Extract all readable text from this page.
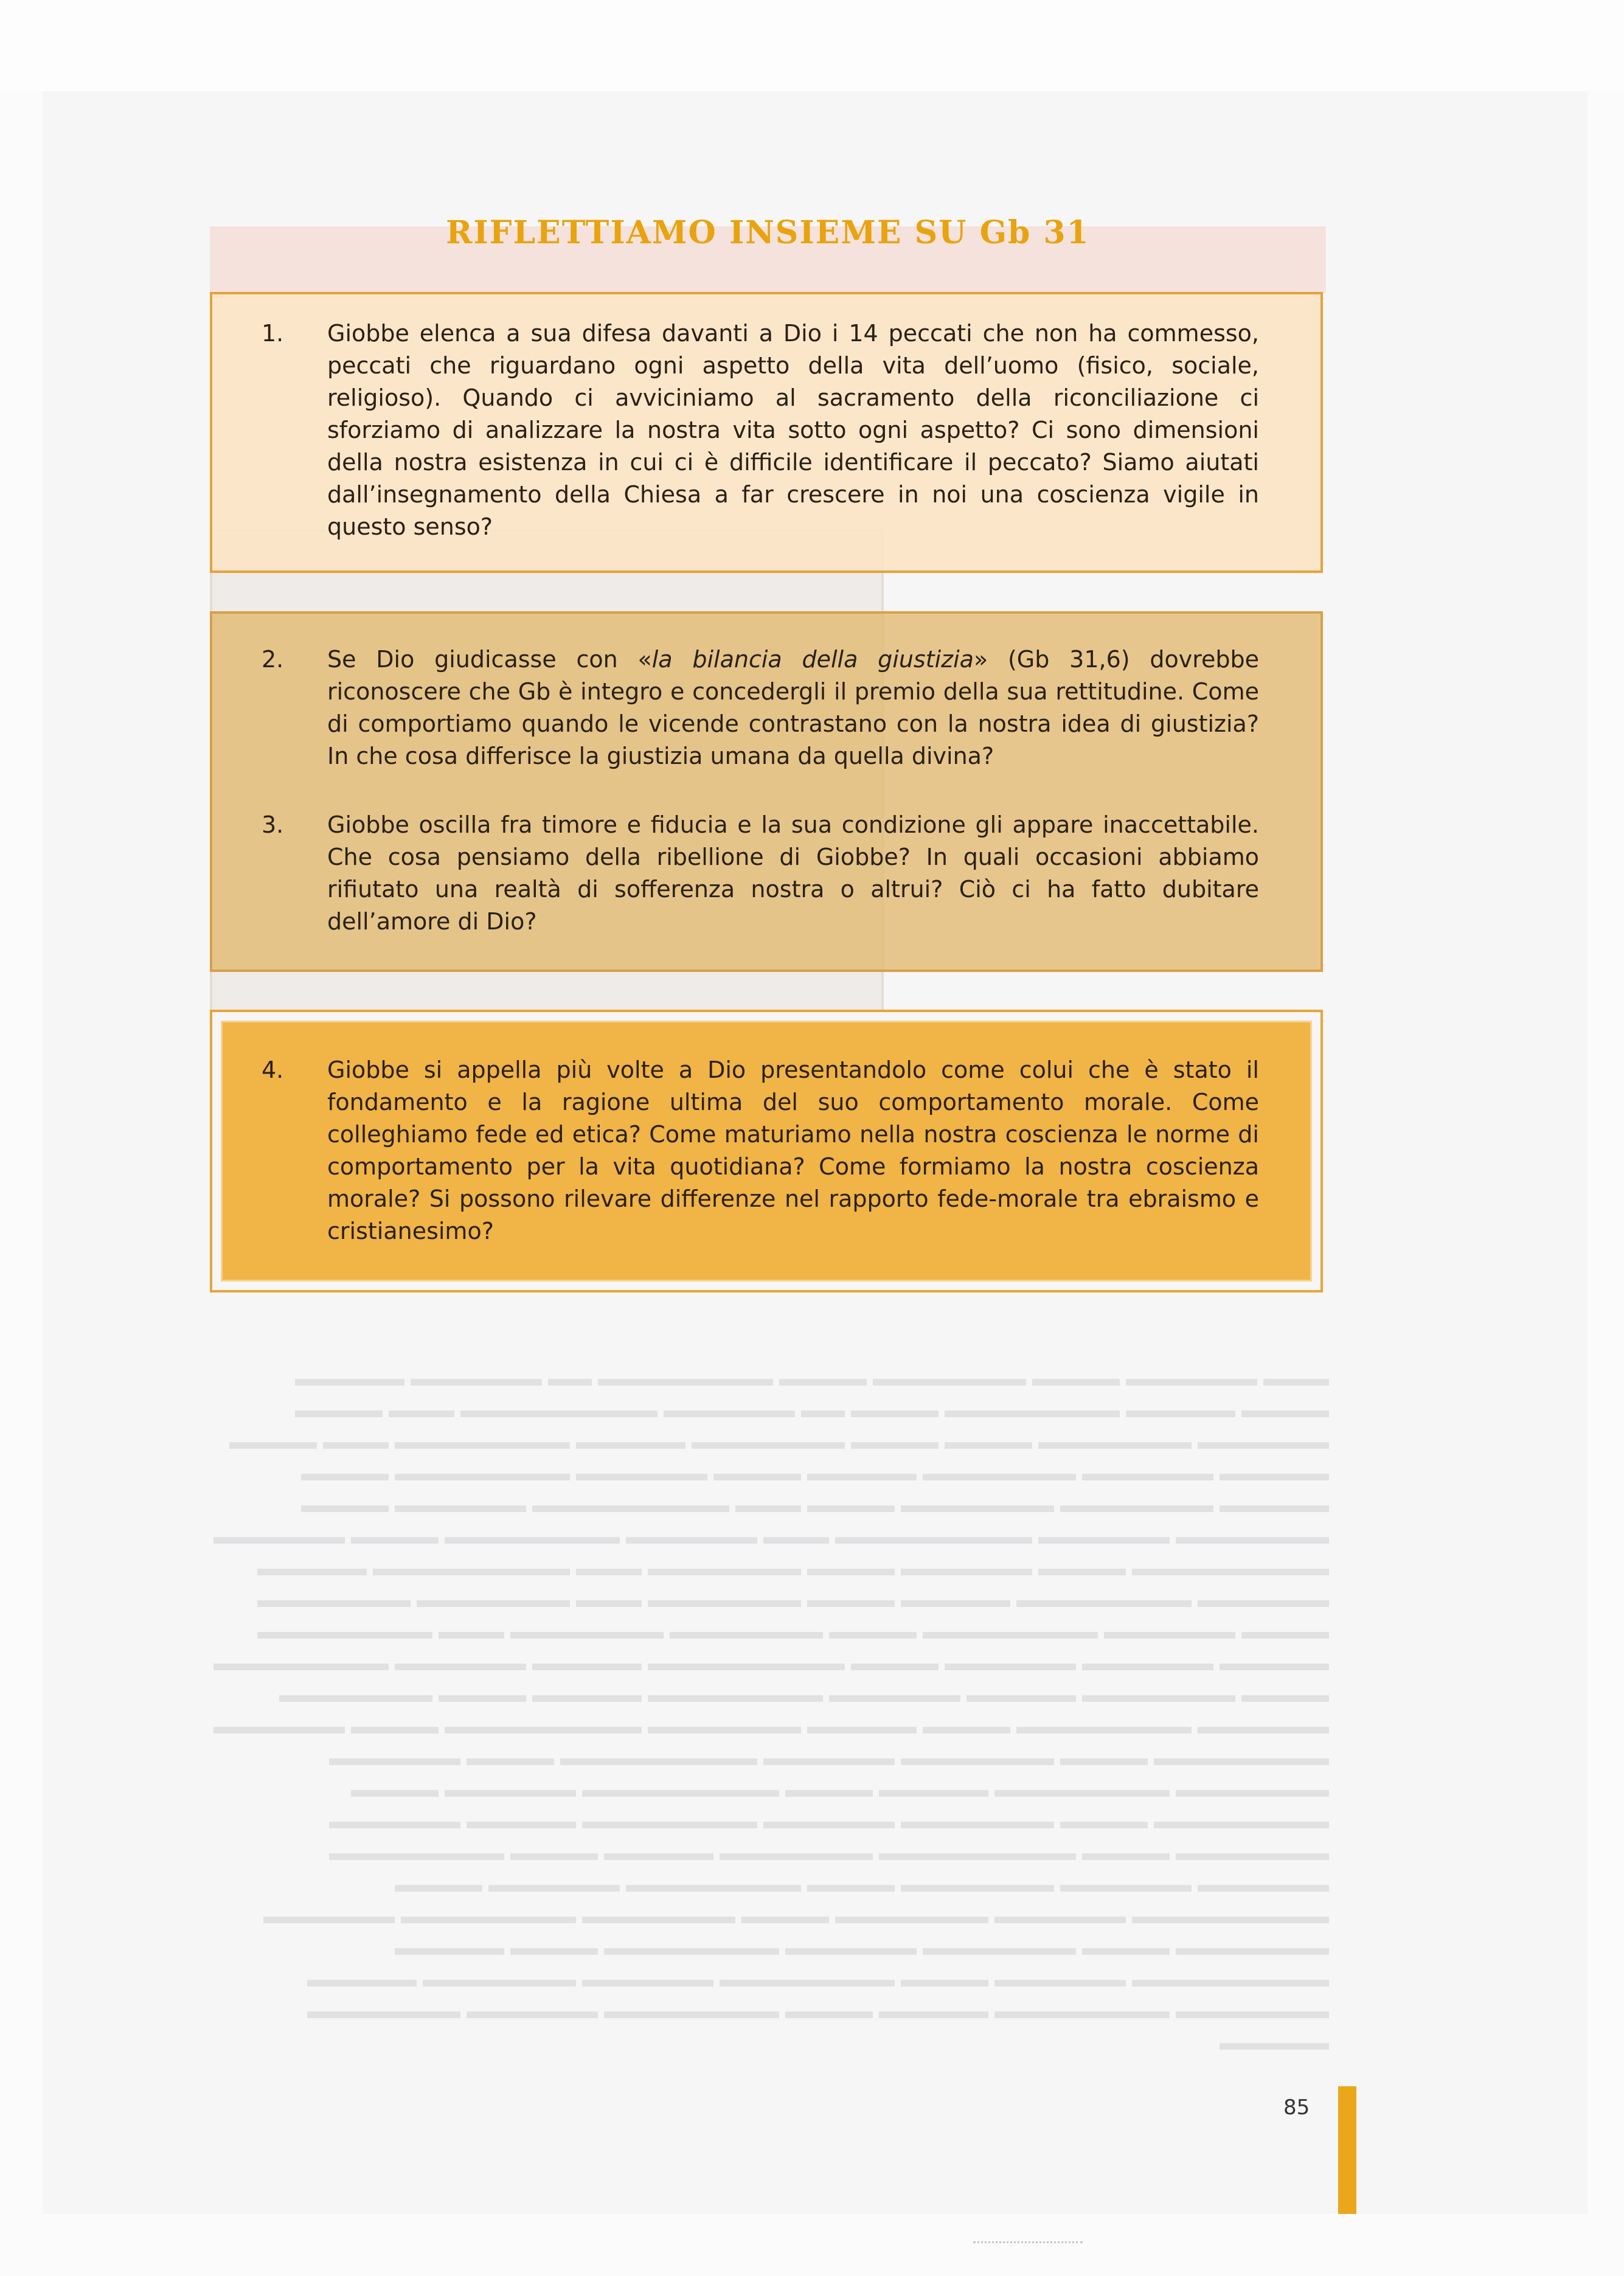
RIFLETTIAMO INSIEME SU Gb 31
1.	Giobbe elenca a sua difesa davanti a Dio i 14 peccati che non ha commesso, peccati che riguardano ogni aspetto della vita dell’uomo (fisico, sociale, religioso). Quando ci avviciniamo al sacramento della riconciliazione ci sforziamo di analizzare la nostra vita sotto ogni aspetto? Ci sono dimensioni della nostra esistenza in cui ci è difficile identificare il peccato? Siamo aiutati dall’insegnamento della Chiesa a far crescere in noi una coscienza vigile in questo senso?
2.	Se Dio giudicasse con «la bilancia della giustizia» (Gb 31,6) dovrebbe riconoscere che Gb è integro e concedergli il premio della sua rettitudine. Come di comportiamo quando le vicende contrastano con la nostra idea di giustizia? In che cosa differisce la giustizia umana da quella divina?
3.	Giobbe oscilla fra timore e fiducia e la sua condizione gli appare inaccettabile. Che cosa pensiamo della ribellione di Giobbe? In quali occasioni abbiamo rifiutato una realtà di sofferenza nostra o altrui? Ciò ci ha fatto dubitare dell’amore di Dio?
4.	Giobbe si appella più volte a Dio presentandolo come colui che è stato il fondamento e la ragione ultima del suo comportamento morale. Come colleghiamo fede ed etica? Come maturiamo nella nostra coscienza le norme di comportamento per la vita quotidiana? Come formiamo la nostra coscienza morale? Si possono rilevare differenze nel rapporto fede-morale tra ebraismo e cristianesimo?
▬▬▬ ▬▬▬▬▬▬ ▬▬▬▬ ▬▬▬▬▬▬▬ ▬▬▬▬ ▬▬▬▬▬▬▬▬ ▬▬ ▬▬▬▬▬▬ ▬▬▬▬▬ ▬▬▬▬ ▬▬▬▬▬ ▬▬▬▬▬▬▬▬ ▬▬▬▬ ▬▬ ▬▬▬▬▬▬ ▬▬▬▬▬▬▬▬▬ ▬▬▬ ▬▬▬▬ ▬▬▬▬▬▬ ▬▬▬▬▬▬▬ ▬▬▬▬ ▬▬▬▬ ▬▬▬▬▬▬▬ ▬▬▬▬▬ ▬▬▬▬▬▬▬▬ ▬▬▬ ▬▬▬▬ ▬▬▬▬▬ ▬▬▬▬▬▬ ▬▬▬▬▬▬▬ ▬▬▬▬▬ ▬▬▬▬ ▬▬▬▬▬▬ ▬▬▬▬▬▬▬▬ ▬▬▬▬ ▬▬▬▬▬ ▬▬▬▬▬▬▬ ▬▬▬▬▬▬▬ ▬▬▬▬ ▬▬▬ ▬▬▬▬▬▬▬▬▬ ▬▬▬▬▬▬ ▬▬▬▬ ▬▬▬▬▬▬▬ ▬▬▬▬▬▬ ▬▬▬▬▬▬▬▬▬ ▬▬▬ ▬▬▬▬▬▬ ▬▬▬▬▬▬▬▬ ▬▬▬▬ ▬▬▬▬▬▬ ▬▬▬▬▬▬▬▬▬ ▬▬▬▬ ▬▬▬▬▬▬ ▬▬▬▬ ▬▬▬▬▬▬▬ ▬▬▬ ▬▬▬▬▬▬▬▬▬ ▬▬▬▬▬ ▬▬▬▬▬▬ ▬▬▬▬▬▬▬▬ ▬▬▬▬▬ ▬▬▬▬ ▬▬▬▬▬▬▬ ▬▬▬ ▬▬▬▬▬▬▬ ▬▬▬▬▬▬▬ ▬▬▬▬ ▬▬▬▬▬▬ ▬▬▬▬▬▬▬▬ ▬▬▬▬ ▬▬▬▬▬▬▬ ▬▬▬▬▬▬▬ ▬▬▬ ▬▬▬▬▬▬▬▬ ▬▬▬▬▬ ▬▬▬▬▬▬ ▬▬▬▬▬▬ ▬▬▬▬ ▬▬▬▬▬▬▬▬▬ ▬▬▬▬▬ ▬▬▬▬▬▬ ▬▬▬▬▬▬▬▬ ▬▬▬▬ ▬▬▬▬▬▬▬ ▬▬▬▬▬ ▬▬▬▬▬▬ ▬▬▬▬▬▬▬▬ ▬▬▬▬▬ ▬▬▬▬ ▬▬▬▬▬▬▬ ▬▬▬▬▬▬ ▬▬▬▬▬▬▬▬ ▬▬▬▬ ▬▬▬▬▬ ▬▬▬▬▬▬▬ ▬▬▬▬▬▬▬▬▬ ▬▬▬▬ ▬▬▬▬▬▬ ▬▬▬▬▬▬▬▬ ▬▬▬▬ ▬▬▬▬▬▬▬ ▬▬▬▬▬▬ ▬▬▬▬▬▬▬▬▬ ▬▬▬▬ ▬▬▬▬▬▬ ▬▬▬▬▬▬▬ ▬▬▬▬▬▬▬▬ ▬▬▬▬▬ ▬▬▬▬ ▬▬▬▬▬▬▬▬▬ ▬▬▬▬▬▬ ▬▬▬▬ ▬▬▬▬▬▬▬▬ ▬▬▬▬ ▬▬▬▬▬▬▬ ▬▬▬▬▬▬ ▬▬▬▬▬▬▬▬ ▬▬▬▬▬ ▬▬▬▬▬▬ ▬▬▬▬▬▬▬ ▬▬▬▬ ▬▬▬▬▬▬▬▬▬ ▬▬▬▬▬▬▬ ▬▬▬▬▬ ▬▬▬▬ ▬▬▬▬▬▬▬▬ ▬▬▬▬▬▬ ▬▬▬▬▬▬ ▬▬▬▬▬▬▬ ▬▬▬▬ ▬▬▬▬▬▬▬▬ ▬▬▬▬▬▬ ▬▬▬▬ ▬▬▬▬▬▬▬▬▬ ▬▬▬▬▬▬ ▬▬▬▬▬▬▬ ▬▬▬▬ ▬▬▬▬▬▬▬ ▬▬▬▬▬▬▬▬ ▬▬▬▬▬▬ ▬▬▬▬▬▬▬ ▬▬▬▬ ▬▬▬▬▬▬▬ ▬▬▬▬▬▬ ▬▬▬▬▬▬▬▬ ▬▬▬▬ ▬▬▬▬▬ ▬▬▬▬▬▬▬▬▬ ▬▬▬▬▬▬ ▬▬▬▬ ▬▬▬▬▬▬▬▬ ▬▬▬▬▬▬ ▬▬▬▬▬▬▬ ▬▬▬▬▬ ▬▬▬▬▬▬▬ ▬▬▬▬▬▬▬▬ ▬▬▬▬▬ ▬▬▬▬ ▬▬▬▬▬▬▬▬ ▬▬▬▬▬▬ ▬▬▬▬▬▬▬ ▬▬▬▬▬
85
